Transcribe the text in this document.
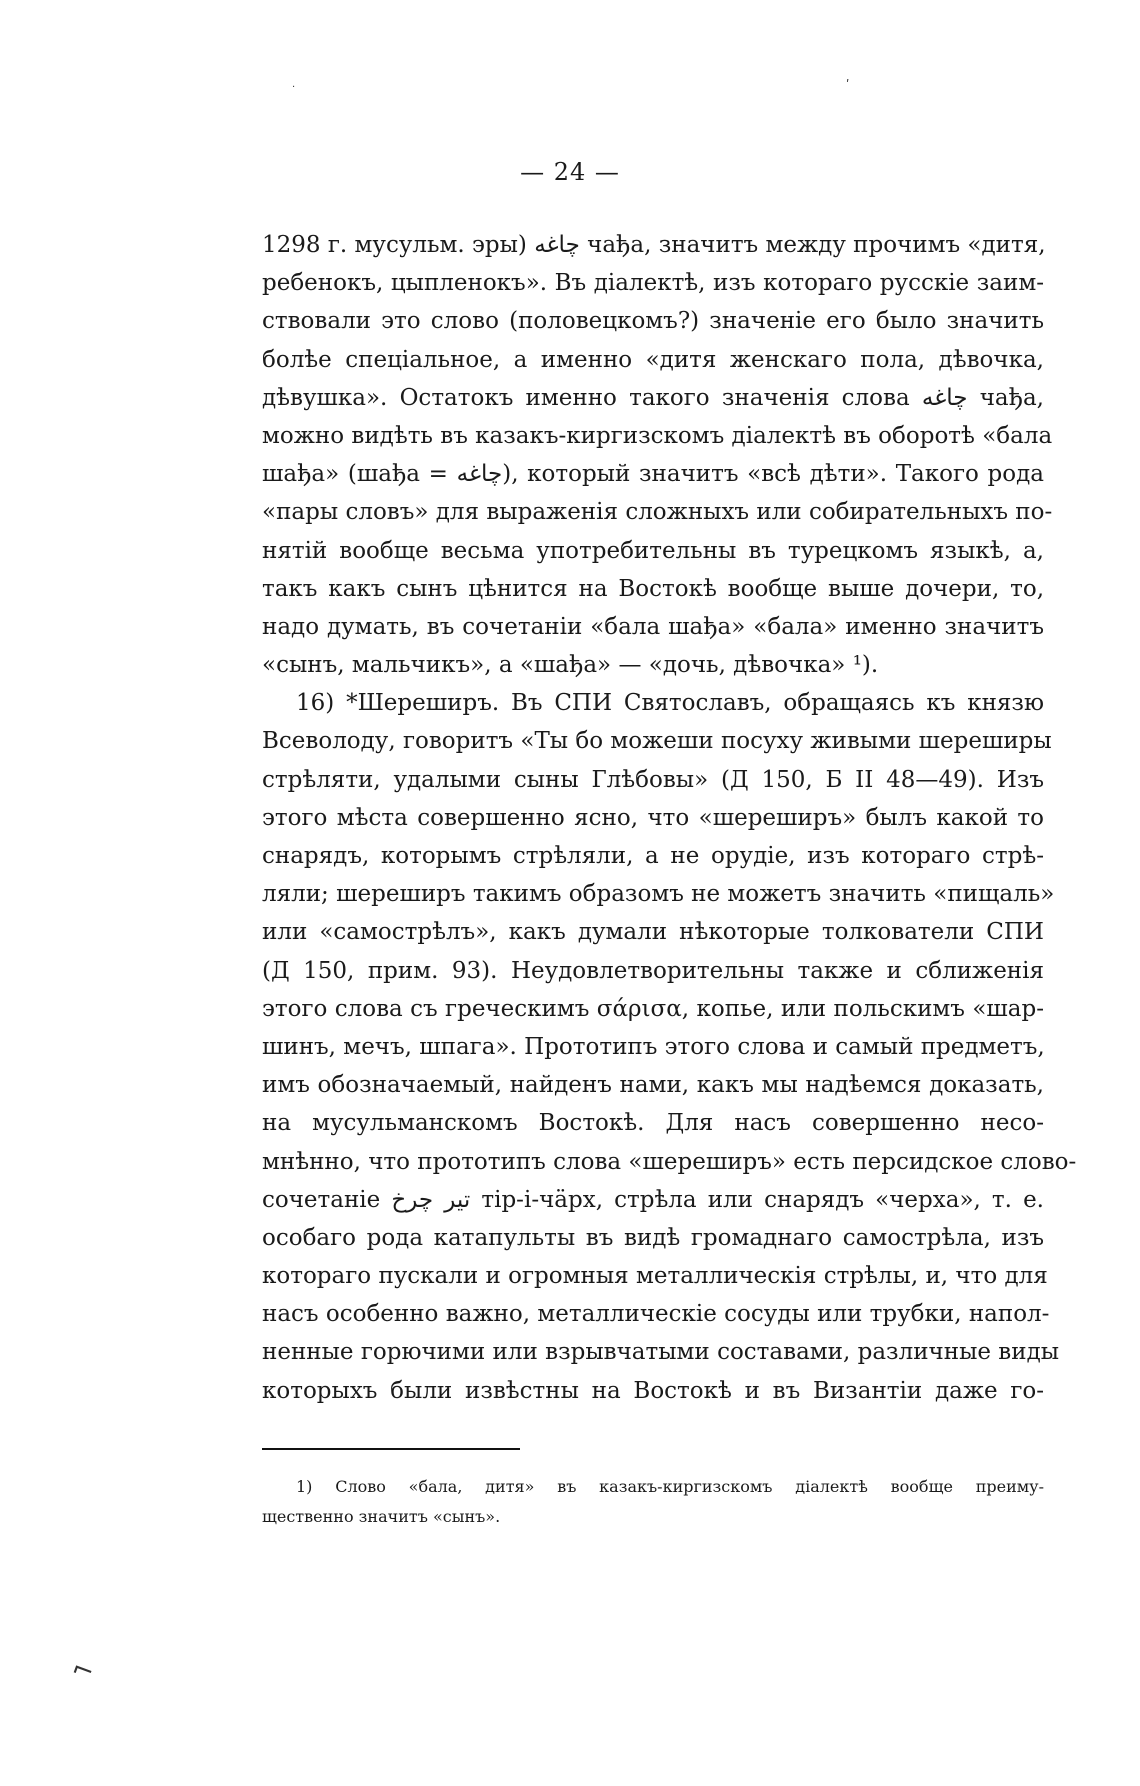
·	ʹ
⌐
— 24 —
1298 г. мусульм. эры) چاغه чађа, значитъ между прочимъ «дитя,
ребенокъ, цыпленокъ». Въ діалектѣ, изъ котораго русскіе заим-
ствовали это слово (половецкомъ?) значеніе его было значить
болѣе спеціальное, а именно «дитя женскаго пола, дѣвочка,
дѣвушка». Остатокъ именно такого значенія слова چاغه чађа,
можно видѣть въ казакъ-киргизскомъ діалектѣ въ оборотѣ «бала
шађа» (шађа = چاغه), который значитъ «всѣ дѣти». Такого рода
«пары словъ» для выраженія сложныхъ или собирательныхъ по-
нятій вообще весьма употребительны въ турецкомъ языкѣ, а,
такъ какъ сынъ цѣнится на Востокѣ вообще выше дочери, то,
надо думать, въ сочетаніи «бала шађа» «бала» именно значитъ
«сынъ, мальчикъ», а «шађа» — «дочь, дѣвочка» ¹).
16) *Шереширъ. Въ СПИ Святославъ, обращаясь къ князю
Всеволоду, говоритъ «Ты бо можеши посуху живыми шереширы
стрѣляти, удалыми сыны Глѣбовы» (Д 150, Б II 48—49). Изъ
этого мѣста совершенно ясно, что «шереширъ» былъ какой то
снарядъ, которымъ стрѣляли, а не орудіе, изъ котораго стрѣ-
ляли; шереширъ такимъ образомъ не можетъ значить «пищаль»
или «самострѣлъ», какъ думали нѣкоторые толкователи СПИ
(Д 150, прим. 93). Неудовлетворительны также и сближенія
этого слова съ греческимъ σάρισα, копье, или польскимъ «шар-
шинъ, мечъ, шпага». Прототипъ этого слова и самый предметъ,
имъ обозначаемый, найденъ нами, какъ мы надѣемся доказать,
на мусульманскомъ Востокѣ. Для насъ совершенно несо-
мнѣнно, что прототипъ слова «шереширъ» есть персидское слово-
сочетаніе تیر چرخ тір-і-чäрх, стрѣла или снарядъ «черха», т. е.
особаго рода катапульты въ видѣ громаднаго самострѣла, изъ
котораго пускали и огромныя металлическія стрѣлы, и, что для
насъ особенно важно, металлическіе сосуды или трубки, напол-
ненные горючими или взрывчатыми составами, различные виды
которыхъ были извѣстны на Востокѣ и въ Византіи даже го-
1) Слово «бала, дитя» въ казакъ-киргизскомъ діалектѣ вообще преиму-
щественно значитъ «сынъ».
